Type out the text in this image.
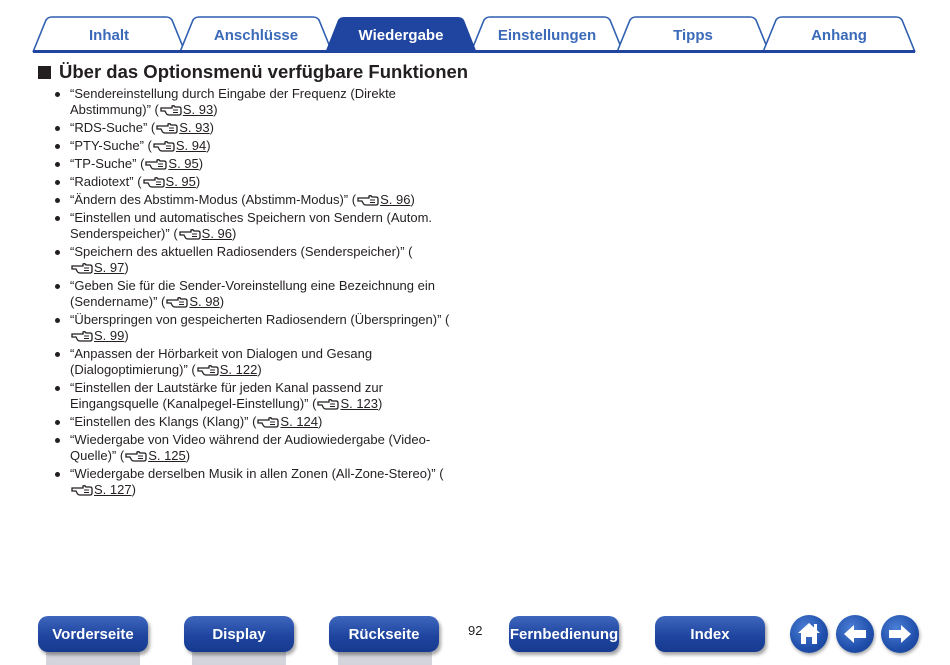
Inhalt	Anschlüsse	Wiedergabe	Einstellungen	Tipps	Anhang
Über das Optionsmenü verfügbare Funktionen
“Sendereinstellung durch Eingabe der Frequenz (Direkte Abstimmung)” ( S. 93)
“RDS-Suche” ( S. 93)
“PTY-Suche” ( S. 94)
“TP-Suche” ( S. 95)
“Radiotext” ( S. 95)
“Ändern des Abstimm-Modus (Abstimm-Modus)” ( S. 96)
“Einstellen und automatisches Speichern von Sendern (Autom. Senderspeicher)” ( S. 96)
“Speichern des aktuellen Radiosenders (Senderspeicher)” (S. 97)
“Geben Sie für die Sender-Voreinstellung eine Bezeichnung ein (Sendername)” ( S. 98)
“Überspringen von gespeicherten Radiosendern (Überspringen)” (S. 99)
“Anpassen der Hörbarkeit von Dialogen und Gesang (Dialogoptimierung)” ( S. 122)
“Einstellen der Lautstärke für jeden Kanal passend zur Eingangsquelle (Kanalpegel-Einstellung)” ( S. 123)
“Einstellen des Klangs (Klang)” ( S. 124)
“Wiedergabe von Video während der Audiowiedergabe (Video-Quelle)” ( S. 125)
“Wiedergabe derselben Musik in allen Zonen (All-Zone-Stereo)” (S. 127)
Vorderseite	Display	Rückseite	92 Fernbedienung	Index
